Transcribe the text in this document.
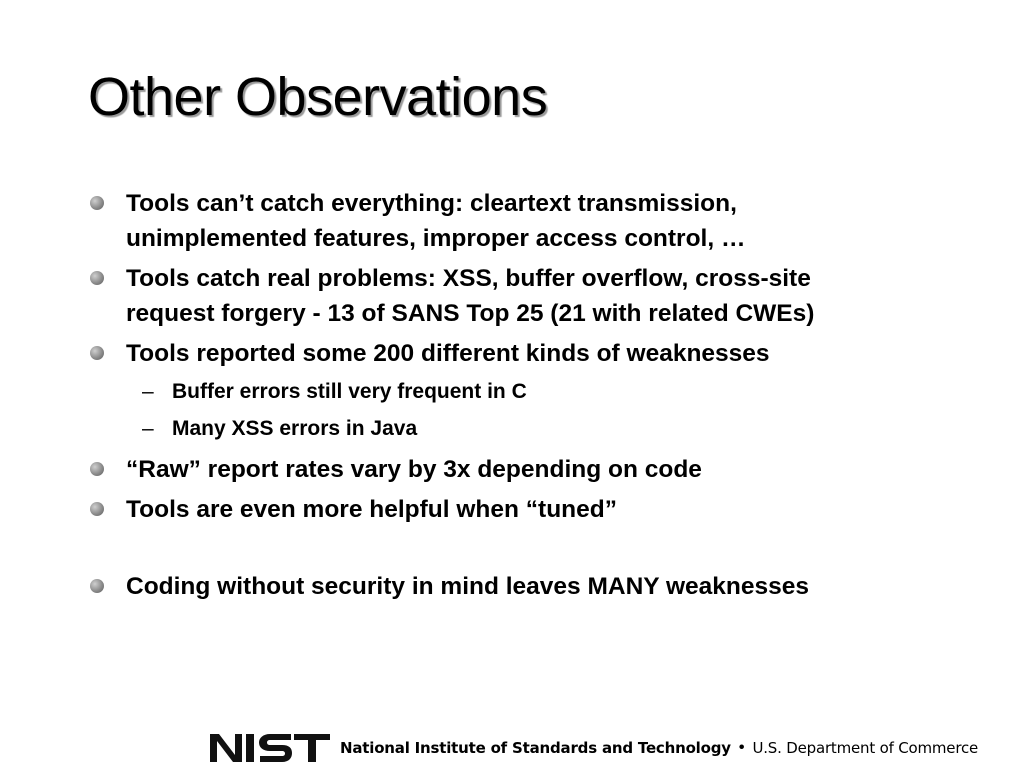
Other Observations
Tools can’t catch everything: cleartext transmission,
unimplemented features, improper access control, …
Tools catch real problems: XSS, buffer overflow, cross-site
request forgery - 13 of SANS Top 25 (21 with related CWEs)
Tools reported some 200 different kinds of weaknesses
– Buffer errors still very frequent in C
– Many XSS errors in Java
“Raw” report rates vary by 3x depending on code
Tools are even more helpful when “tuned”
Coding without security in mind leaves MANY weaknesses
National Institute of Standards and Technology • U.S. Department of Commerce
